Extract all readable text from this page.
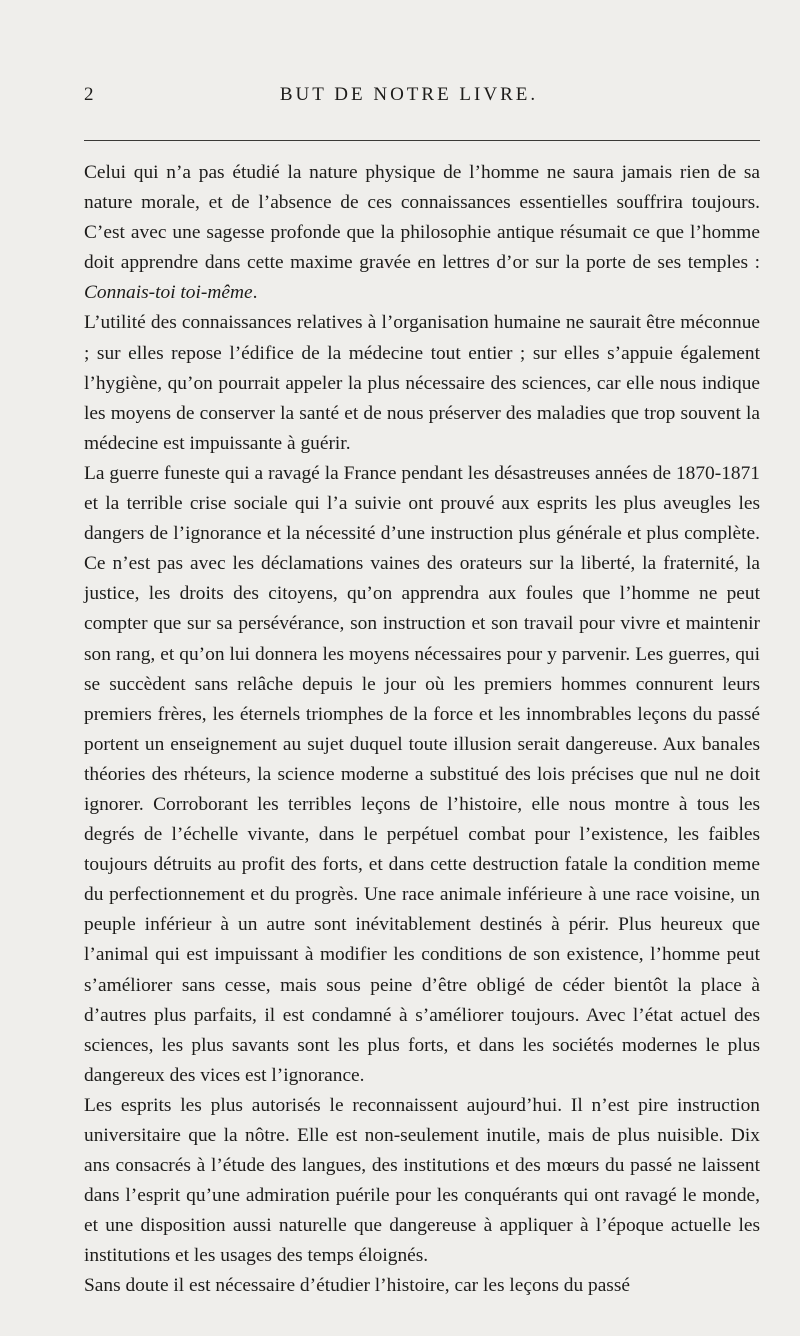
2	BUT DE NOTRE LIVRE.

Celui qui n’a pas étudié la nature physique de l’homme ne saura jamais rien de sa nature morale, et de l’absence de ces connaissances essentielles souffrira toujours. C’est avec une sagesse profonde que la philosophie antique résumait ce que l’homme doit apprendre dans cette maxime gravée en lettres d’or sur la porte de ses temples : Connais-toi toi-même.

L’utilité des connaissances relatives à l’organisation humaine ne saurait être méconnue ; sur elles repose l’édifice de la médecine tout entier ; sur elles s’appuie également l’hygiène, qu’on pourrait appeler la plus nécessaire des sciences, car elle nous indique les moyens de conserver la santé et de nous préserver des maladies que trop souvent la médecine est impuissante à guérir.

La guerre funeste qui a ravagé la France pendant les désastreuses années de 1870-1871 et la terrible crise sociale qui l’a suivie ont prouvé aux esprits les plus aveugles les dangers de l’ignorance et la nécessité d’une instruction plus générale et plus complète. Ce n’est pas avec les déclamations vaines des orateurs sur la liberté, la fraternité, la justice, les droits des citoyens, qu’on apprendra aux foules que l’homme ne peut compter que sur sa persévérance, son instruction et son travail pour vivre et maintenir son rang, et qu’on lui donnera les moyens nécessaires pour y parvenir. Les guerres, qui se succèdent sans relâche depuis le jour où les premiers hommes connurent leurs premiers frères, les éternels triomphes de la force et les innombrables leçons du passé portent un enseignement au sujet duquel toute illusion serait dangereuse. Aux banales théories des rhéteurs, la science moderne a substitué des lois précises que nul ne doit ignorer. Corroborant les terribles leçons de l’histoire, elle nous montre à tous les degrés de l’échelle vivante, dans le perpétuel combat pour l’existence, les faibles toujours détruits au profit des forts, et dans cette destruction fatale la condition meme du perfectionnement et du progrès. Une race animale inférieure à une race voisine, un peuple inférieur à un autre sont inévitablement destinés à périr. Plus heureux que l’animal qui est impuissant à modifier les conditions de son existence, l’homme peut s’améliorer sans cesse, mais sous peine d’être obligé de céder bientôt la place à d’autres plus parfaits, il est condamné à s’améliorer toujours. Avec l’état actuel des sciences, les plus savants sont les plus forts, et dans les sociétés modernes le plus dangereux des vices est l’ignorance.

Les esprits les plus autorisés le reconnaissent aujourd’hui. Il n’est pire instruction universitaire que la nôtre. Elle est non-seulement inutile, mais de plus nuisible. Dix ans consacrés à l’étude des langues, des institutions et des mœurs du passé ne laissent dans l’esprit qu’une admiration puérile pour les conquérants qui ont ravagé le monde, et une disposition aussi naturelle que dangereuse à appliquer à l’époque actuelle les institutions et les usages des temps éloignés.

Sans doute il est nécessaire d’étudier l’histoire, car les leçons du passé
